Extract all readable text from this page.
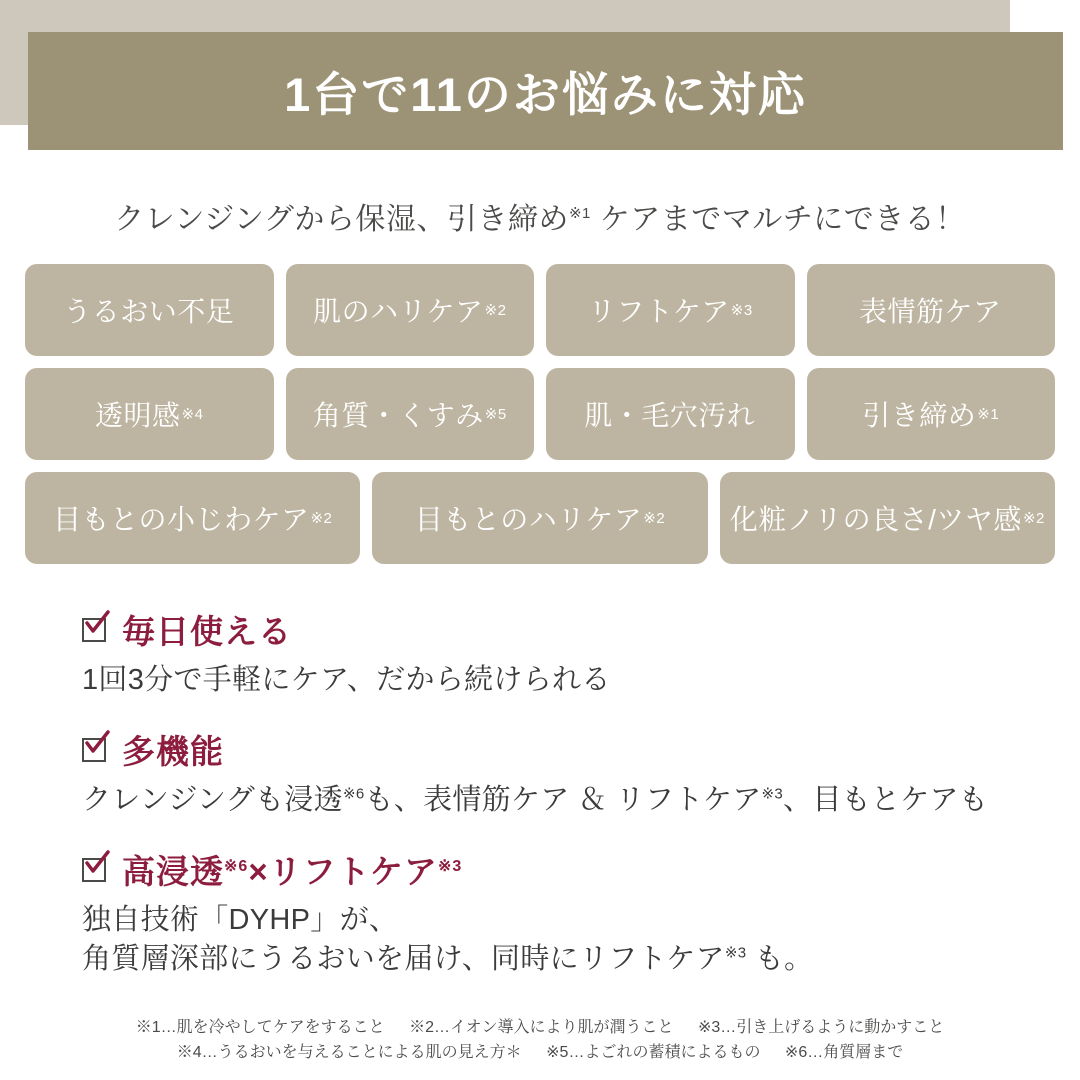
1台で11のお悩みに対応
クレンジングから保湿、引き締め$^{※1}$ ケアまでマルチにできる！
うるおい不足	肌のハリケア ※2	リフトケア ※3	表情筋ケア
透明感 ※4	角質・くすみ ※5	肌・毛穴汚れ	引き締め ※1
目もとの小じわケア ※2	目もとのハリケア ※2 化粧ノリの良さ/ツヤ感 ※2
毎日使える
1回3分で手軽にケア、だから続けられる
多機能
クレンジングも浸透$^{※6}$も、表情筋ケア ＆ リフトケア$^{※3}$、目もとケアも
高浸透$^{※6}$×リフトケア$^{※3}$
独自技術「DYHP」が、
角質層深部にうるおいを届け、同時にリフトケア$^{※3}$ も。
※1…肌を冷やしてケアをすること ※2…イオン導入により肌が潤うこと ※3…引き上げるように動かすこと
※4…うるおいを与えることによる肌の見え方＊ ※5…よごれの蓄積によるもの ※6…角質層まで
